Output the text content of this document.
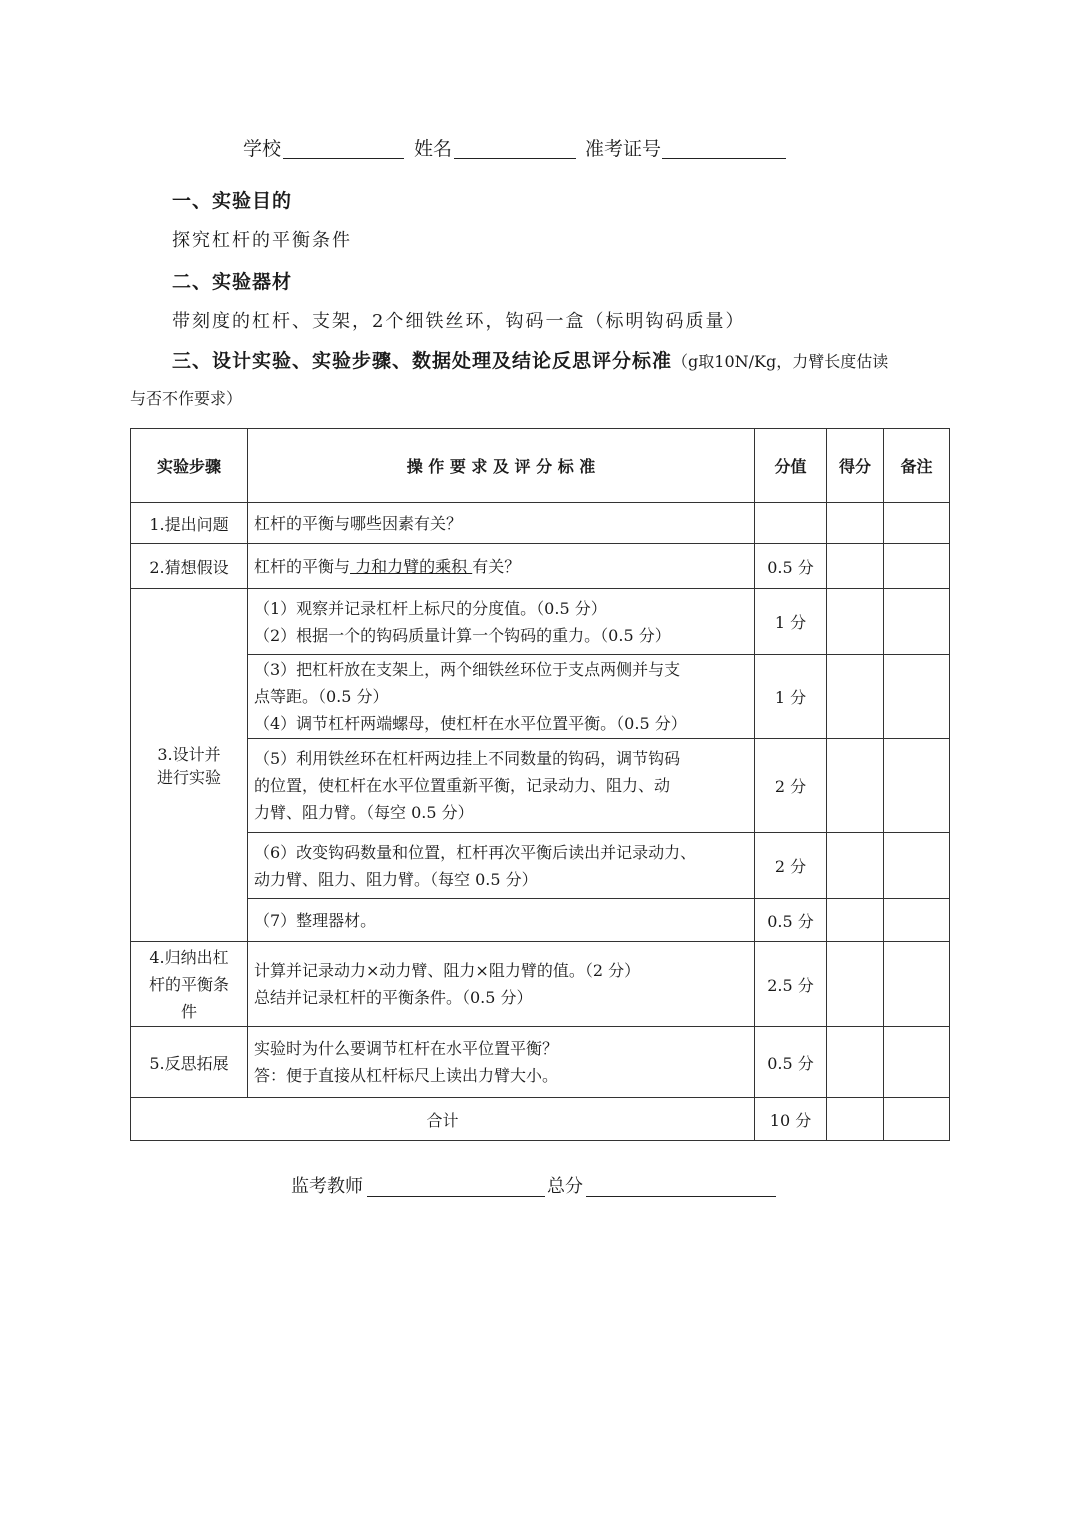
学校	姓名	准考证号
一、实验目的
探究杠杆的平衡条件
二、实验器材
带刻度的杠杆、支架，2个细铁丝环，钩码一盒（标明钩码质量）
三、设计实验、实验步骤、数据处理及结论反思评分标准（g取10N/Kg，力臂长度估读
与否不作要求）
实验步骤	操 作 要 求 及 评 分 标 准	分值	得分	备注
1.提出问题	杠杆的平衡与哪些因素有关？			
2.猜想假设	杠杆的平衡与 力和力臂的乘积 有关？	0.5 分		

3.设计并
进行实验	（1）观察并记录杠杆上标尺的分度值。（0.5 分）
（2）根据一个的钩码质量计算一个钩码的重力。（0.5 分）	1 分		

	（3）把杠杆放在支架上，两个细铁丝环位于支点两侧并与支
点等距。（0.5 分）
（4）调节杠杆两端螺母，使杠杆在水平位置平衡。（0.5 分）	1 分		

	（5）利用铁丝环在杠杆两边挂上不同数量的钩码，调节钩码
的位置，使杠杆在水平位置重新平衡，记录动力、阻力、动
力臂、阻力臂。（每空 0.5 分）	2 分		

	（6）改变钩码数量和位置，杠杆再次平衡后读出并记录动力、
动力臂、阻力、阻力臂。（每空 0.5 分）	2 分		
	（7）整理器材。	0.5 分		

4.归纳出杠
杆的平衡条
件	计算并记录动力×动力臂、阻力×阻力臂的值。（2 分）
总结并记录杠杆的平衡条件。（0.5 分）	2.5 分		
5.反思拓展	实验时为什么要调节杠杆在水平位置平衡？
答：便于直接从杠杆标尺上读出力臂大小。	0.5 分		
合计		10 分		
监考教师	总分
